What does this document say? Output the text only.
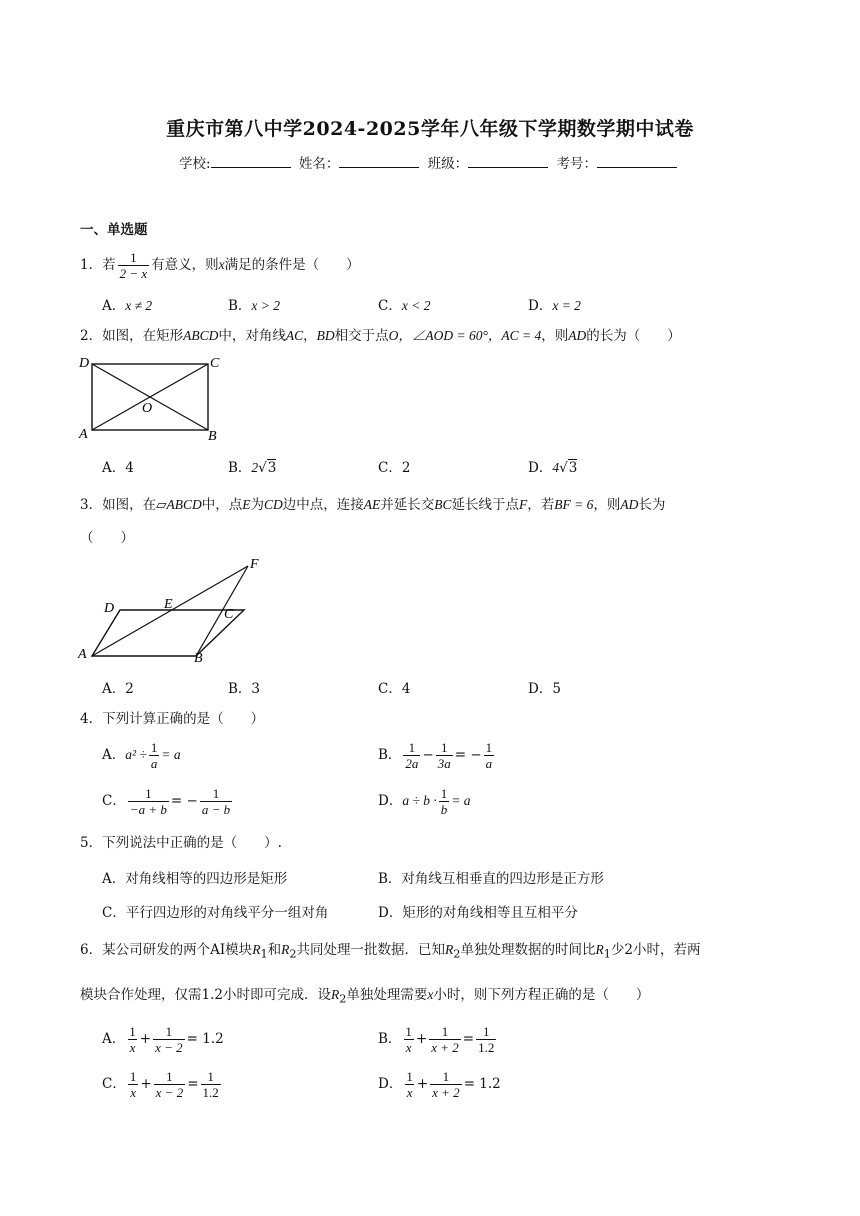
重庆市第八中学2024-2025学年八年级下学期数学期中试卷
学校:	姓名：	班级：	考号：
一、单选题
1．若 $\frac{1}{2 - x}$ 有意义，则x满足的条件是（　　）
A．x ≠ 2	B．x > 2	C．x < 2	D．x = 2
2．如图，在矩形ABCD中，对角线AC，BD相交于点O，∠AOD = 60°，AC = 4，则AD的长为（　　）
D	C
O
A	B
A．4	B．2√3	C．2	D．4√3
3．如图，在▱ABCD中，点E为CD边中点，连接AE并延长交BC延长线于点F，若BF = 6，则AD长为
（　　）
F
D	E
C
A	B
A．2	B．3	C．4	D．5
4．下列计算正确的是（　　）
A．$a^2 \div \frac{1}{a} = a$	B． $\frac{1}{2a} - \frac{1}{3a}$ = − $\frac{1}{a}$
C． $\frac{1}{-a + b}$ = − $\frac{1}{a - b}$	D．$a \div b \cdot \frac{1}{b} = a$
5．下列说法中正确的是（　　）.
A．对角线相等的四边形是矩形	B．对角线互相垂直的四边形是正方形
C．平行四边形的对角线平分一组对角	D．矩形的对角线相等且互相平分
6．某公司研发的两个AI模块$R_1$和$R_2$共同处理一批数据．已知$R_2$单独处理数据的时间比$R_1$少2小时，若两
模块合作处理，仅需1.2小时即可完成．设$R_2$单独处理需要x小时，则下列方程正确的是（　　）
A． $\frac{1}{x} + \frac{1}{x - 2} = 1.2$	B． $\frac{1}{x} + \frac{1}{x + 2} = \frac{1}{1.2}$
C． $\frac{1}{x} + \frac{1}{x - 2} = \frac{1}{1.2}$	D． $\frac{1}{x} + \frac{1}{x + 2} = 1.2$
